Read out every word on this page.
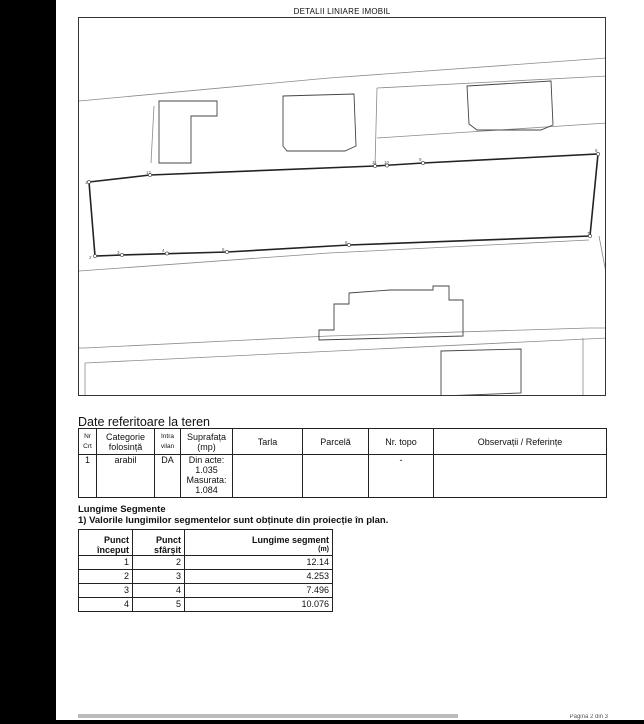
DETALII LINIARE IMOBIL
1
2
3	4	5
6
7
8
9
10
11
12
Date referitoare la teren
Nr Crt	Categorie folosință	Intra vilan	Suprafața (mp)	Tarla	Parcelă	Nr. topo	Observații / Referințe
1	arabil	DA	Din acte:
1.035
Masurata:
1.084			-	
Lungime Segmente
1) Valorile lungimilor segmentelor sunt obținute din proiecție în plan.
Punct început	Punct sfârșit	Lungime segment
(m)

1	2	12.14
2	3	4.253
3	4	7.496
4	5	10.076
Pagina 2 din 3
